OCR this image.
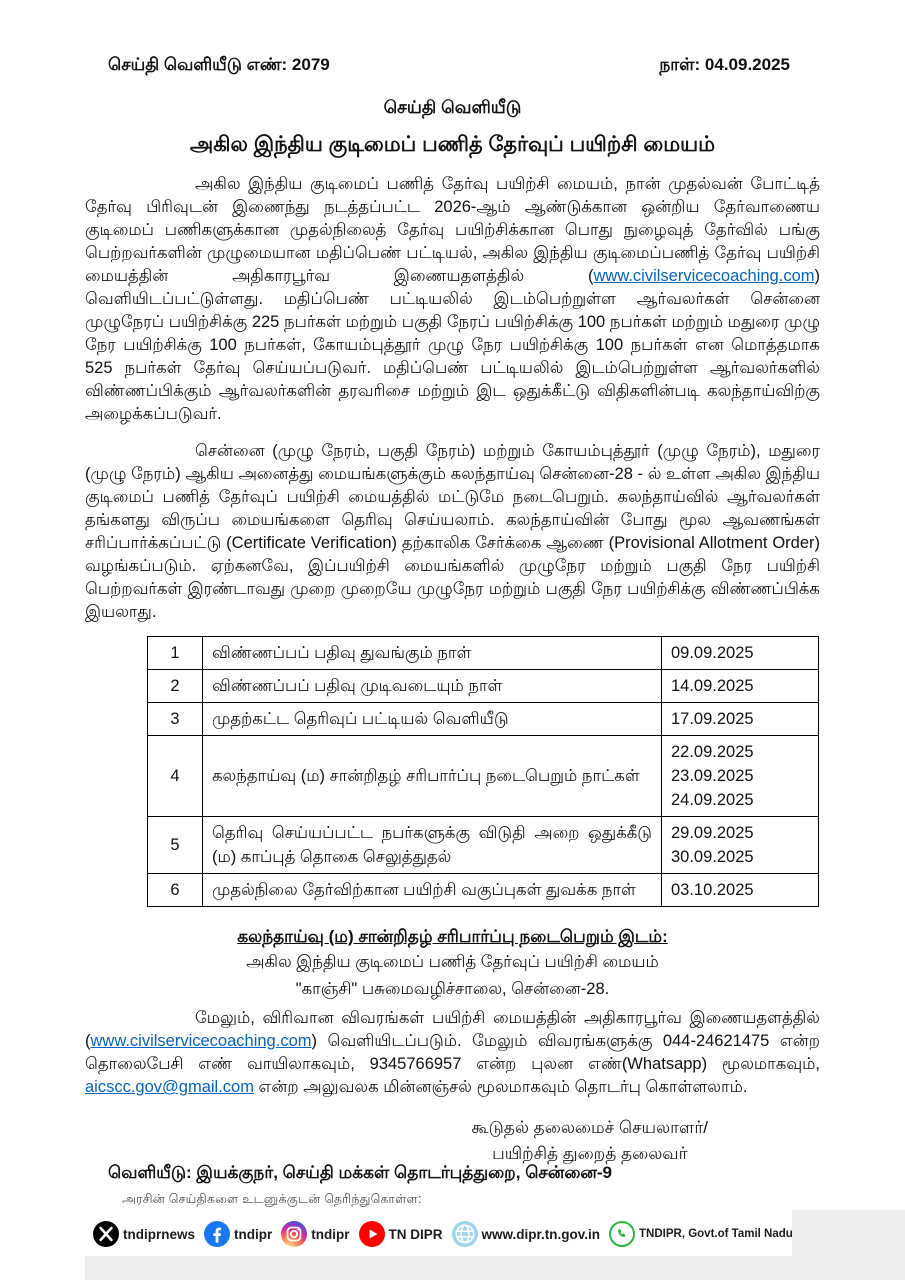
செய்தி வெளியீடு எண்: 2079	நாள்: 04.09.2025
செய்தி வெளியீடு
அகில இந்திய குடிமைப் பணித் தேர்வுப் பயிற்சி மையம்

அகில இந்திய குடிமைப் பணித் தேர்வு பயிற்சி மையம், நான் முதல்வன் போட்டித் தேர்வு பிரிவுடன் இணைந்து நடத்தப்பட்ட 2026-ஆம் ஆண்டுக்கான ஒன்றிய தேர்வாணைய குடிமைப் பணிகளுக்கான முதல்நிலைத் தேர்வு பயிற்சிக்கான பொது நுழைவுத் தேர்வில் பங்கு பெற்றவர்களின் முழுமையான மதிப்பெண் பட்டியல், அகில இந்திய குடிமைப்பணித் தேர்வு பயிற்சி மையத்தின் அதிகாரபூர்வ இணையதளத்தில் (www.civilservicecoaching.com) வெளியிடப்பட்டுள்ளது. மதிப்பெண் பட்டியலில் இடம்பெற்றுள்ள ஆர்வலர்கள் சென்னை முழுநேரப் பயிற்சிக்கு 225 நபர்கள் மற்றும் பகுதி நேரப் பயிற்சிக்கு 100 நபர்கள் மற்றும் மதுரை முழு நேர பயிற்சிக்கு 100 நபர்கள், கோயம்புத்தூர் முழு நேர பயிற்சிக்கு 100 நபர்கள் என மொத்தமாக 525 நபர்கள் தேர்வு செய்யப்படுவர். மதிப்பெண் பட்டியலில் இடம்பெற்றுள்ள ஆர்வலர்களில் விண்ணப்பிக்கும் ஆர்வலர்களின் தரவரிசை மற்றும் இட ஒதுக்கீட்டு விதிகளின்படி கலந்தாய்விற்கு அழைக்கப்படுவர்.

சென்னை (முழு நேரம், பகுதி நேரம்) மற்றும் கோயம்புத்தூர் (முழு நேரம்), மதுரை (முழு நேரம்) ஆகிய அனைத்து மையங்களுக்கும் கலந்தாய்வு சென்னை-28 - ல் உள்ள அகில இந்திய குடிமைப் பணித் தேர்வுப் பயிற்சி மையத்தில் மட்டுமே நடைபெறும். கலந்தாய்வில் ஆர்வலர்கள் தங்களது விருப்ப மையங்களை தெரிவு செய்யலாம். கலந்தாய்வின் போது மூல ஆவணங்கள் சரிப்பார்க்கப்பட்டு (Certificate Verification) தற்காலிக சேர்க்கை ஆணை (Provisional Allotment Order) வழங்கப்படும். ஏற்கனவே, இப்பயிற்சி மையங்களில் முழுநேர மற்றும் பகுதி நேர பயிற்சி பெற்றவர்கள் இரண்டாவது முறை முறையே முழுநேர மற்றும் பகுதி நேர பயிற்சிக்கு விண்ணப்பிக்க இயலாது.

1	விண்ணப்பப் பதிவு துவங்கும் நாள்	09.09.2025

2	விண்ணப்பப் பதிவு முடிவடையும் நாள்	14.09.2025

3	முதற்கட்ட தெரிவுப் பட்டியல் வெளியீடு	17.09.2025

4	கலந்தாய்வு (ம) சான்றிதழ் சரிபார்ப்பு நடைபெறும் நாட்கள்	22.09.2025
23.09.2025
24.09.2025

5	தெரிவு செய்யப்பட்ட நபர்களுக்கு விடுதி அறை ஒதுக்கீடு (ம) காப்புத் தொகை செலுத்துதல்	29.09.2025
30.09.2025

6	முதல்நிலை தேர்விற்கான பயிற்சி வகுப்புகள் துவக்க நாள்	03.10.2025
கலந்தாய்வு (ம) சான்றிதழ் சரிபார்ப்பு நடைபெறும் இடம்:
அகில இந்திய குடிமைப் பணித் தேர்வுப் பயிற்சி மையம்
"காஞ்சி" பசுமைவழிச்சாலை, சென்னை-28.

மேலும், விரிவான விவரங்கள் பயிற்சி மையத்தின் அதிகாரபூர்வ இணையதளத்தில் (www.civilservicecoaching.com) வெளியிடப்படும். மேலும் விவரங்களுக்கு 044-24621475 என்ற தொலைபேசி எண் வாயிலாகவும், 9345766957 என்ற புலன எண்(Whatsapp) மூலமாகவும், aicscc.gov@gmail.com என்ற அலுவலக மின்னஞ்சல் மூலமாகவும் தொடர்பு கொள்ளலாம்.

கூடுதல் தலைமைச் செயலாளர்/
பயிற்சித் துறைத் தலைவர்
வெளியீடு: இயக்குநர், செய்தி மக்கள் தொடர்புத்துறை, சென்னை-9
அரசின் செய்திகளை உடனுக்குடன் தெரிந்துகொள்ள:
tndiprnews	tndipr	tndipr	TN DIPR	www.dipr.tn.gov.in	TNDIPR, Govt.of Tamil Nadu
